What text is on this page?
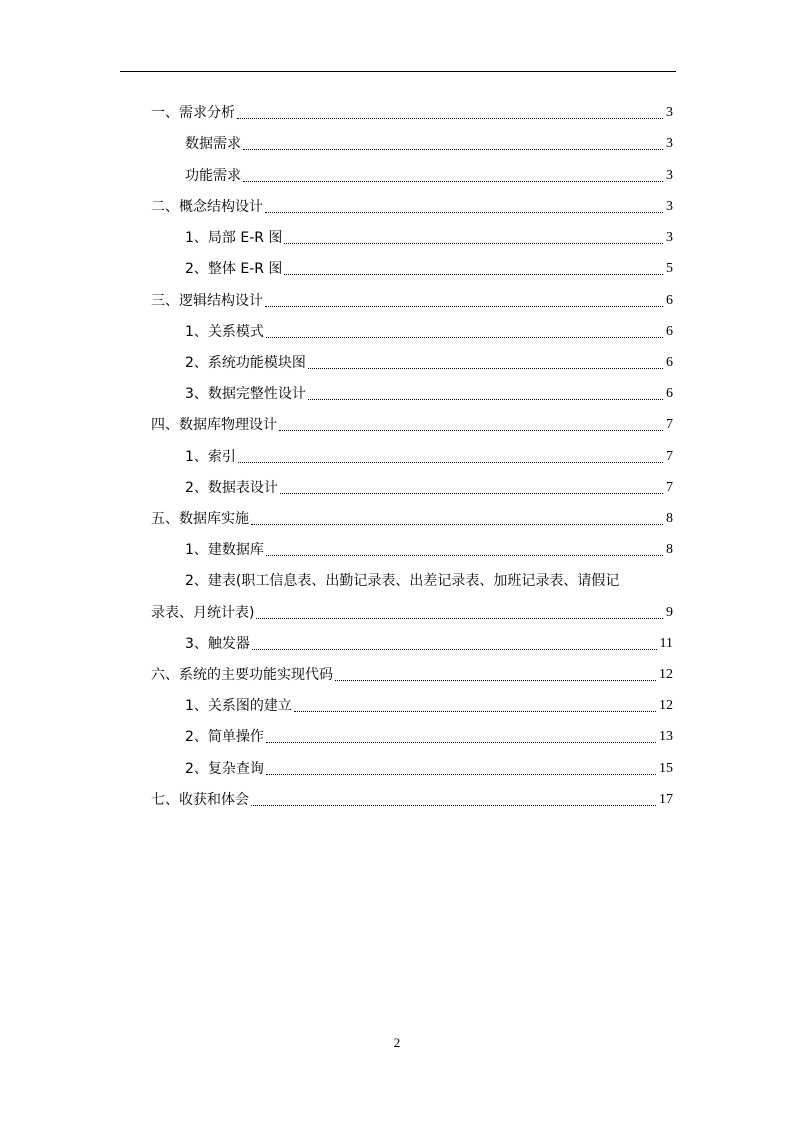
一、需求分析	3
数据需求	3
功能需求	3
二、概念结构设计	3
1、局部 E-R 图	3
2、整体 E-R 图	5
三、逻辑结构设计	6
1、关系模式	6
2、系统功能模块图	6
3、数据完整性设计	6
四、数据库物理设计	7
1、索引	7
2、数据表设计	7
五、数据库实施	8
1、建数据库	8
2、建表(职工信息表、出勤记录表、出差记录表、加班记录表、请假记
录表、月统计表)	9
3、触发器	11
六、系统的主要功能实现代码	12
1、关系图的建立	12
2、简单操作	13
2、复杂查询	15
七、收获和体会	17
2
